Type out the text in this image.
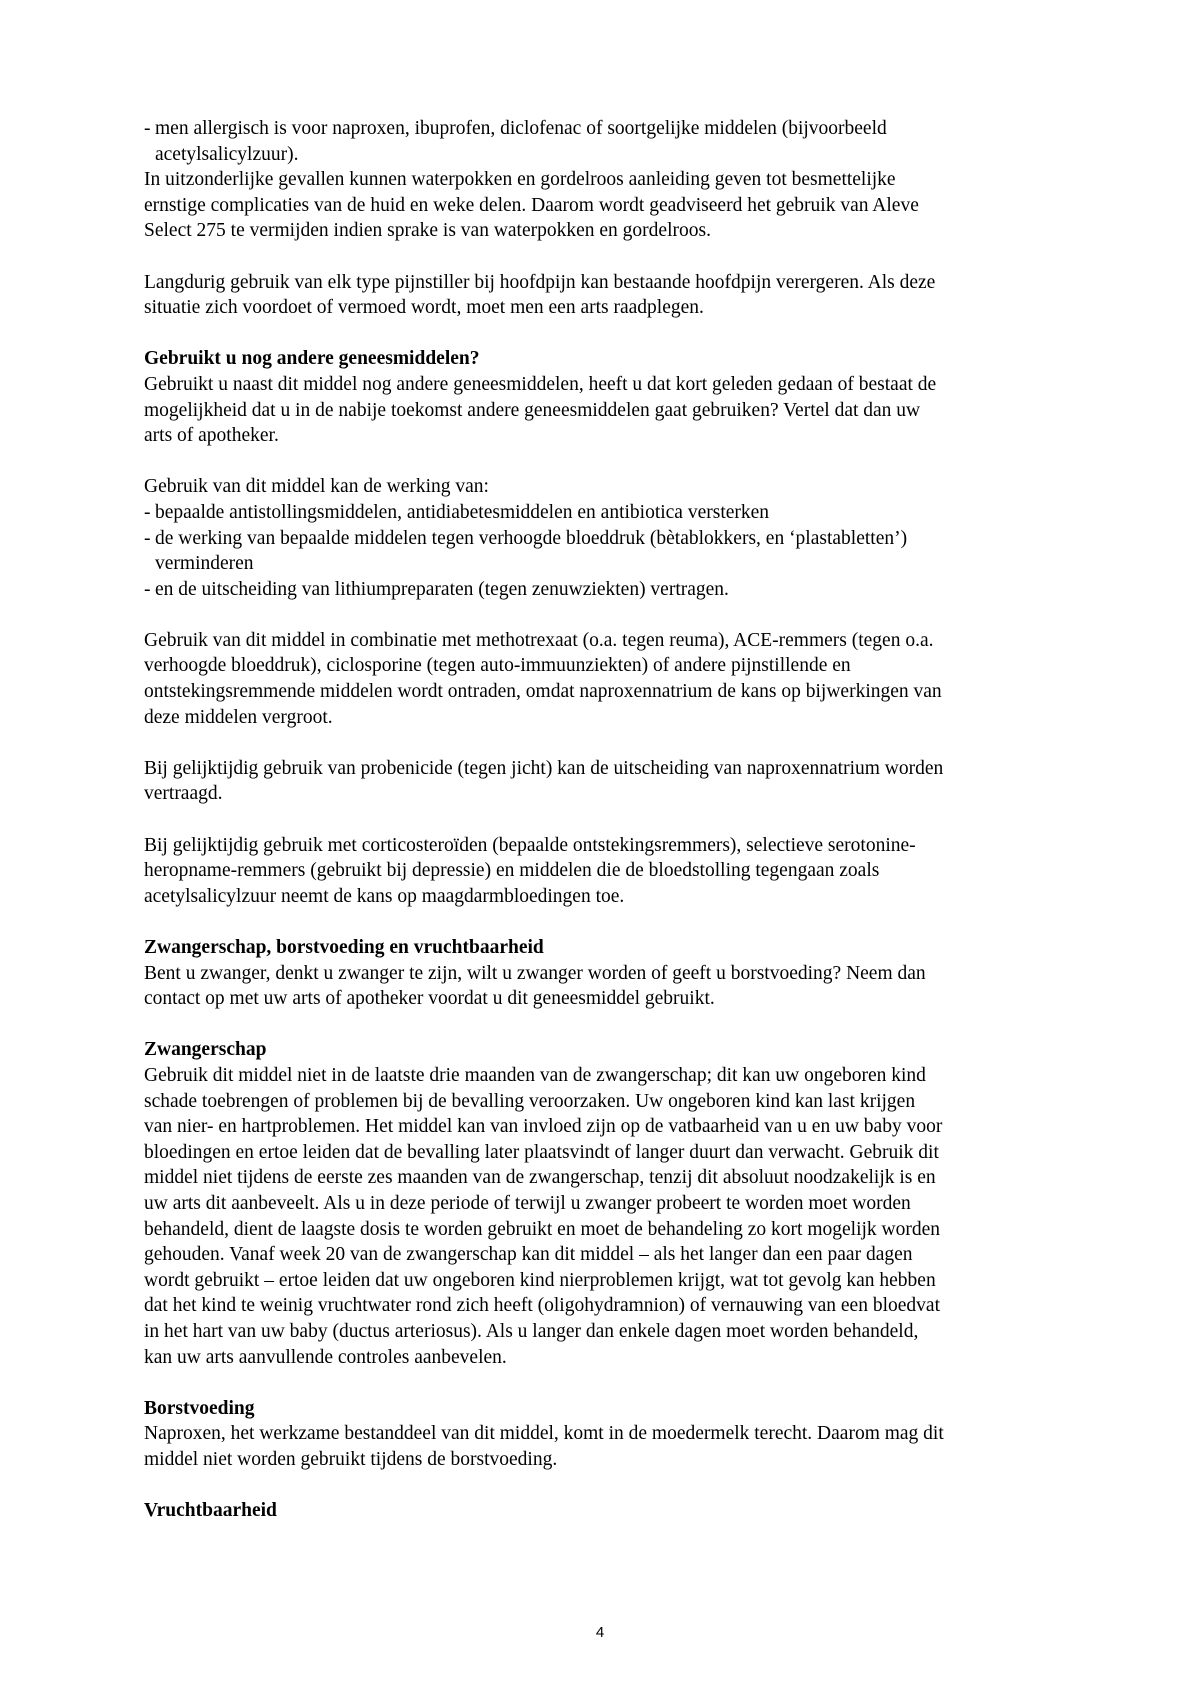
- men allergisch is voor naproxen, ibuprofen, diclofenac of soortgelijke middelen (bijvoorbeeld
acetylsalicylzuur).
In uitzonderlijke gevallen kunnen waterpokken en gordelroos aanleiding geven tot besmettelijke
ernstige complicaties van de huid en weke delen. Daarom wordt geadviseerd het gebruik van Aleve
Select 275 te vermijden indien sprake is van waterpokken en gordelroos.
Langdurig gebruik van elk type pijnstiller bij hoofdpijn kan bestaande hoofdpijn verergeren. Als deze
situatie zich voordoet of vermoed wordt, moet men een arts raadplegen.
Gebruikt u nog andere geneesmiddelen?
Gebruikt u naast dit middel nog andere geneesmiddelen, heeft u dat kort geleden gedaan of bestaat de
mogelijkheid dat u in de nabije toekomst andere geneesmiddelen gaat gebruiken? Vertel dat dan uw
arts of apotheker.
Gebruik van dit middel kan de werking van:
- bepaalde antistollingsmiddelen, antidiabetesmiddelen en antibiotica versterken
- de werking van bepaalde middelen tegen verhoogde bloeddruk (bètablokkers, en ‘plastabletten’)
verminderen
- en de uitscheiding van lithiumpreparaten (tegen zenuwziekten) vertragen.
Gebruik van dit middel in combinatie met methotrexaat (o.a. tegen reuma), ACE-remmers (tegen o.a.
verhoogde bloeddruk), ciclosporine (tegen auto-immuunziekten) of andere pijnstillende en
ontstekingsremmende middelen wordt ontraden, omdat naproxennatrium de kans op bijwerkingen van
deze middelen vergroot.
Bij gelijktijdig gebruik van probenicide (tegen jicht) kan de uitscheiding van naproxennatrium worden
vertraagd.
Bij gelijktijdig gebruik met corticosteroïden (bepaalde ontstekingsremmers), selectieve serotonine-
heropname-remmers (gebruikt bij depressie) en middelen die de bloedstolling tegengaan zoals
acetylsalicylzuur neemt de kans op maagdarmbloedingen toe.
Zwangerschap, borstvoeding en vruchtbaarheid
Bent u zwanger, denkt u zwanger te zijn, wilt u zwanger worden of geeft u borstvoeding? Neem dan
contact op met uw arts of apotheker voordat u dit geneesmiddel gebruikt.
Zwangerschap
Gebruik dit middel niet in de laatste drie maanden van de zwangerschap; dit kan uw ongeboren kind
schade toebrengen of problemen bij de bevalling veroorzaken. Uw ongeboren kind kan last krijgen
van nier- en hartproblemen. Het middel kan van invloed zijn op de vatbaarheid van u en uw baby voor
bloedingen en ertoe leiden dat de bevalling later plaatsvindt of langer duurt dan verwacht. Gebruik dit
middel niet tijdens de eerste zes maanden van de zwangerschap, tenzij dit absoluut noodzakelijk is en
uw arts dit aanbeveelt. Als u in deze periode of terwijl u zwanger probeert te worden moet worden
behandeld, dient de laagste dosis te worden gebruikt en moet de behandeling zo kort mogelijk worden
gehouden. Vanaf week 20 van de zwangerschap kan dit middel – als het langer dan een paar dagen
wordt gebruikt – ertoe leiden dat uw ongeboren kind nierproblemen krijgt, wat tot gevolg kan hebben
dat het kind te weinig vruchtwater rond zich heeft (oligohydramnion) of vernauwing van een bloedvat
in het hart van uw baby (ductus arteriosus). Als u langer dan enkele dagen moet worden behandeld,
kan uw arts aanvullende controles aanbevelen.
Borstvoeding
Naproxen, het werkzame bestanddeel van dit middel, komt in de moedermelk terecht. Daarom mag dit
middel niet worden gebruikt tijdens de borstvoeding.
Vruchtbaarheid
4
